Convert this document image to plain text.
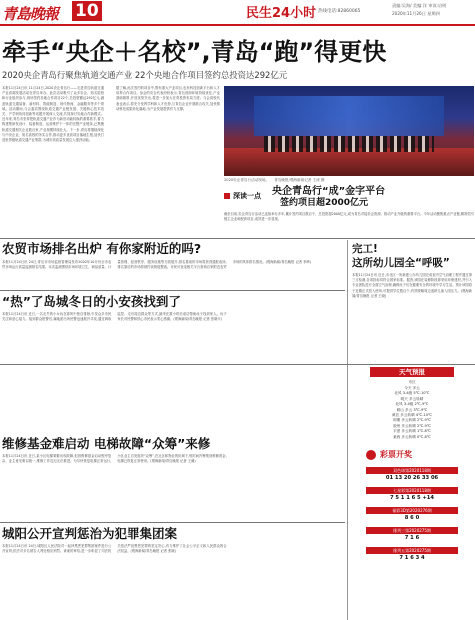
青島晚報 10	民生24小时 热线电话:82860065
责编:吴海/ 美编:洋 审读:启明
2020年11月26日 星期四
牵手“央企＋名校”,青岛“跑”得更快
2020央企青岛行聚焦轨道交通产业 22个央地合作项目签约总投资达292亿元
本报11月24日讯 11月24日,2020央企青岛行——走进青岛轨道交通产业高端发展活动在青岛举办。此次活动吸引了众多央企、知名院校和行业组织参与,现场签约央地合作项目22个,总投资额达292亿元,涵盖轨道交通装备、新材料、智能制造、现代物流、金融服务等多个领域。活动期间,与会嘉宾围绕轨道交通产业链发展、关键核心技术攻关、产学研协同创新等话题开展深入交流,共同探讨央地合作新模式。近年来,青岛市坚持把轨道交通产业作为新旧动能转换的重要抓手,着力构建集研发设计、装备制造、运营维护于一体的完整产业链条,已集聚轨道交通相关企业数百家,产业规模持续壮大。下一步,青岛将继续深化与中央企业、知名高校的务实合作,推动更多优质项目落地生根,加快打造世界级轨道交通产业集群,为城市高质量发展注入强劲动能。
据了解,此次签约的项目中,既有重大产业项目,也有科技创新平台和人才培养合作项目。参会的央企代表纷纷表示,青岛营商环境持续优化,产业基础雄厚,开放优势突出,将进一步加大在青投资布局力度。与会高校代表也表示,将充分发挥学科和人才优势,与青岛企业开展联合攻关,加快推动科技成果转化落地,为产业发展提供有力支撑。
2020央企青岛行活动现场。 青岛晚报/观海新闻记者 王涛 摄
深读一点 央企青岛行“成”金字平台
签约项目超2000亿元
截至目前,央企青岛行活动已连续举办多年,累计签约项目数百个、总投资超2000亿元,成为青岛对接央企资源、推动产业升级的重要平台。今年活动聚焦重点产业链,精准招引链主企业和配套项目,成效进一步显现。
农贸市场排名出炉 有你家附近的吗?
本报11月24日讯 24日,青岛市市场监督管理局发布2020年10月份全市农贸市场运行质量监测排名结果。本次监测围绕市场环境卫生、商品质量、计量管理、经营秩序、服务设施等方面展开,排名靠前的市场将获得通报表扬,排名靠后的市场将被约谈督促整改。市民可登录相关平台查询自家附近农贸市场的具体排名情况。(观海新闻/青岛晚报 记者 李琦)
完工!
这所幼儿园全“呼吸”
本报11月24日讯 近日,市北区一所新建公办幼儿园完成室内空气治理工程并通过第三方检测,各项指标均符合国家标准。据悉,该园在装修阶段即采用环保建材,并引入专业团队进行全面空气治理,确保孩子们在健康安全的环境中学习生活。预计该园将于近期正式投入使用,可提供学位数百个,有效缓解周边适龄儿童入园压力。(观海新闻/青岛晚报 记者 王晓)
“热”了岛城冬日的小安孩找到了
本报11月24日讯 近日,一名走失的小女孩在寒风中独自徘徊,引发众多市民关注和爱心接力。接到群众报警后,属地派出所民警迅速展开寻找,通过调取监控、走访周边群众等方式,最终在数小时后成功帮助孩子找到家人。孩子家长对民警和热心市民表示衷心感谢。(观海新闻/青岛晚报 记者 张晓平)
天气预报
市区
今天 多云
北风 3-4级 5℃-10℃
明天 多云转晴
北风 3-4级 2℃-9℃
崂山 多云 3℃-9℃
黄岛 多云转晴 4℃-10℃
即墨 多云转晴 2℃-9℃
胶州 多云转晴 2℃-9℃
平度 多云转晴 1℃-8℃
莱西 多云转晴 0℃-8℃
维修基金难启动 电梯故障“众筹”来修
本报11月24日讯 近日,某小区电梯频繁出现故障,但因维修基金启动程序复杂、业主意见难以统一,维修工作迟迟无法推进。为尽快恢复电梯正常运行,小区业主自发组织“众筹”,在社区和物业的协调下,短时间内筹集到维修资金,电梯已恢复正常使用。(观海新闻/青岛晚报 记者 王谦)
彩票开奖
双色球第2020118期
01 13 20 26 33 06
七星彩第2020118期
7 5 1 1 6 5 +14
福彩3D第2020276期
8 6 0
排列三第2020275期
7 1 6
排列五第2020275期
7 1 6 3 4
城阳公开宣判惩治为犯罪集团案
本报11月24日讯 24日,城阳区人民法院对一起涉黑恶犯罪集团案件进行公开宣判,依法对多名被告人判处相应刑罚。该案的审结,进一步彰显了司法机关依法严惩黑恶犯罪的坚定决心,有力维护了社会公平正义和人民群众的合法权益。(观海新闻/青岛晚报 记者 张晓)
